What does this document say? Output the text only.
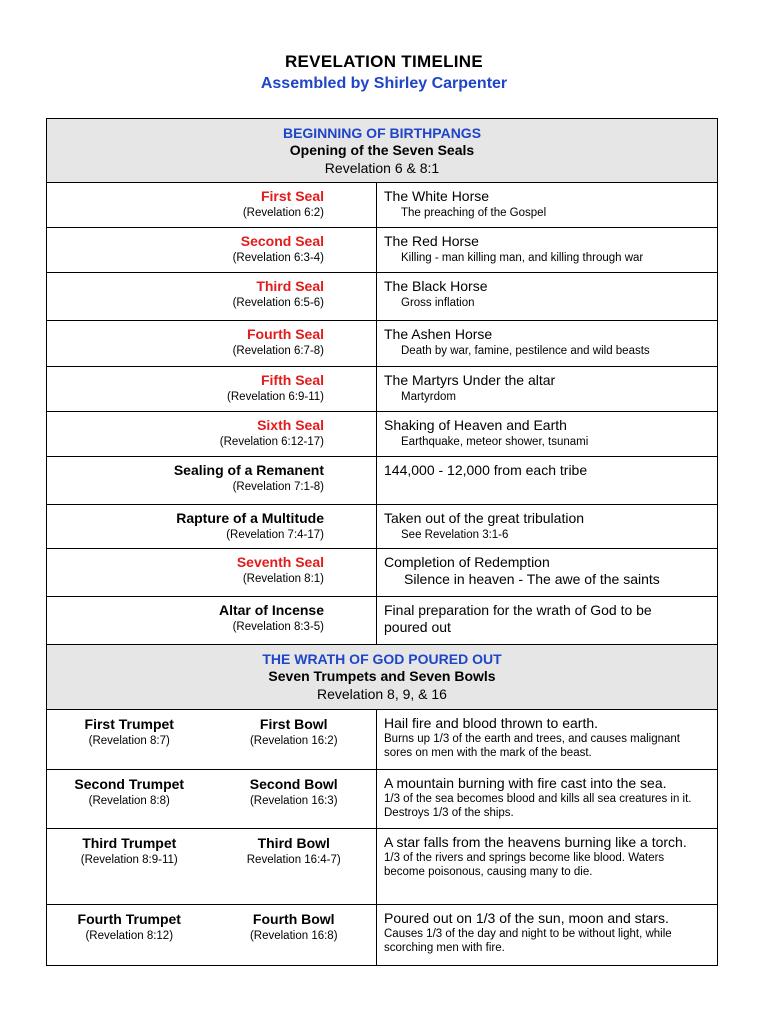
REVELATION TIMELINE
Assembled by Shirley Carpenter
BEGINNING OF BIRTHPANGS
Opening of the Seven Seals
Revelation 6 & 8:1
First Seal
(Revelation 6:2)
The White Horse
The preaching of the Gospel
Second Seal
(Revelation 6:3-4)
The Red Horse
Killing - man killing man, and killing through war
Third Seal
(Revelation 6:5-6)
The Black Horse
Gross inflation
Fourth Seal
(Revelation 6:7-8)
The Ashen Horse
Death by war, famine, pestilence and wild beasts
Fifth Seal
(Revelation 6:9-11)
The Martyrs Under the altar
Martyrdom
Sixth Seal
(Revelation 6:12-17)
Shaking of Heaven and Earth
Earthquake, meteor shower, tsunami
Sealing of a Remanent
(Revelation 7:1-8)
144,000 - 12,000 from each tribe
Rapture of a Multitude
(Revelation 7:4-17)
Taken out of the great tribulation
See Revelation 3:1-6
Seventh Seal
(Revelation 8:1)
Completion of Redemption
Silence in heaven - The awe of the saints
Altar of Incense
(Revelation 8:3-5)
Final preparation for the wrath of God to be poured out
THE WRATH OF GOD POURED OUT
Seven Trumpets and Seven Bowls
Revelation 8, 9, & 16
First Trumpet
(Revelation 8:7)
First Bowl
(Revelation 16:2)
Hail fire and blood thrown to earth.
Burns up 1/3 of the earth and trees, and causes malignant sores on men with the mark of the beast.
Second Trumpet
(Revelation 8:8)
Second Bowl
(Revelation 16:3)
A mountain burning with fire cast into the sea.
1/3 of the sea becomes blood and kills all sea creatures in it. Destroys 1/3 of the ships.
Third Trumpet
(Revelation 8:9-11)
Third Bowl
Revelation 16:4-7)
A star falls from the heavens burning like a torch.
1/3 of the rivers and springs become like blood. Waters become poisonous, causing many to die.
Fourth Trumpet
(Revelation 8:12)
Fourth Bowl
(Revelation 16:8)
Poured out on 1/3 of the sun, moon and stars.
Causes 1/3 of the day and night to be without light, while scorching men with fire.
